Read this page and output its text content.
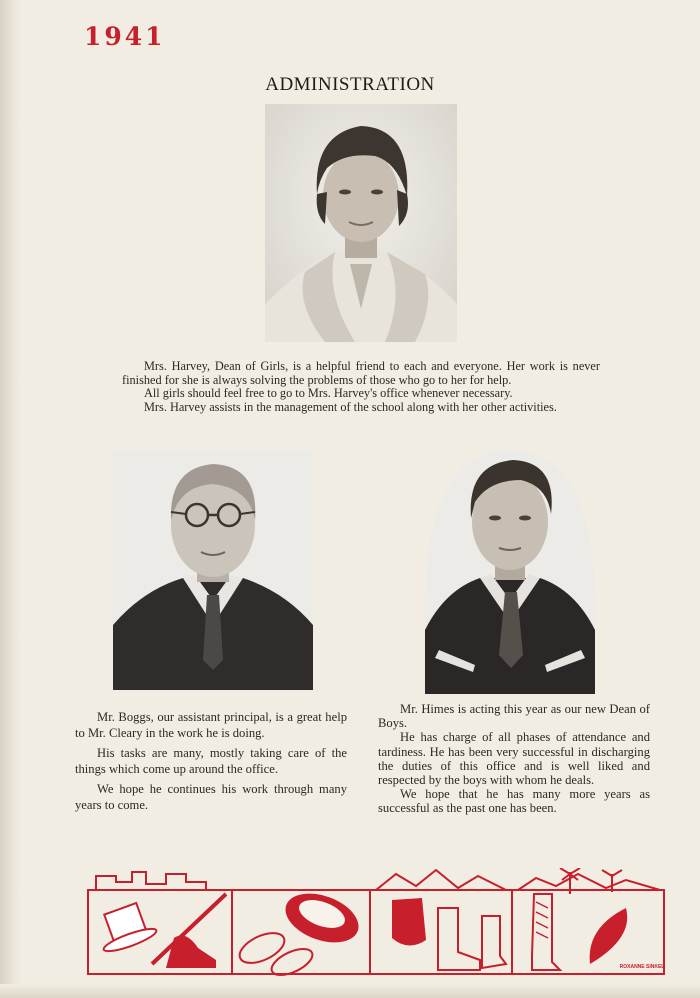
1941
ADMINISTRATION

Mrs. Harvey, Dean of Girls, is a helpful friend to each and everyone. Her work is never finished for she is always solving the problems of those who go to her for help.

All girls should feel free to go to Mrs. Harvey's office whenever necessary.

Mrs. Harvey assists in the management of the school along with her other activities.

Mr. Boggs, our assistant principal, is a great help to Mr. Cleary in the work he is doing.

His tasks are many, mostly taking care of the things which come up around the office.

We hope he continues his work through many years to come.

Mr. Himes is acting this year as our new Dean of Boys.

He has charge of all phases of attendance and tardiness. He has been very successful in discharging the duties of this office and is well liked and respected by the boys with whom he deals.

We hope that he has many more years as successful as the past one has been.

ROXANNE SINKEL
